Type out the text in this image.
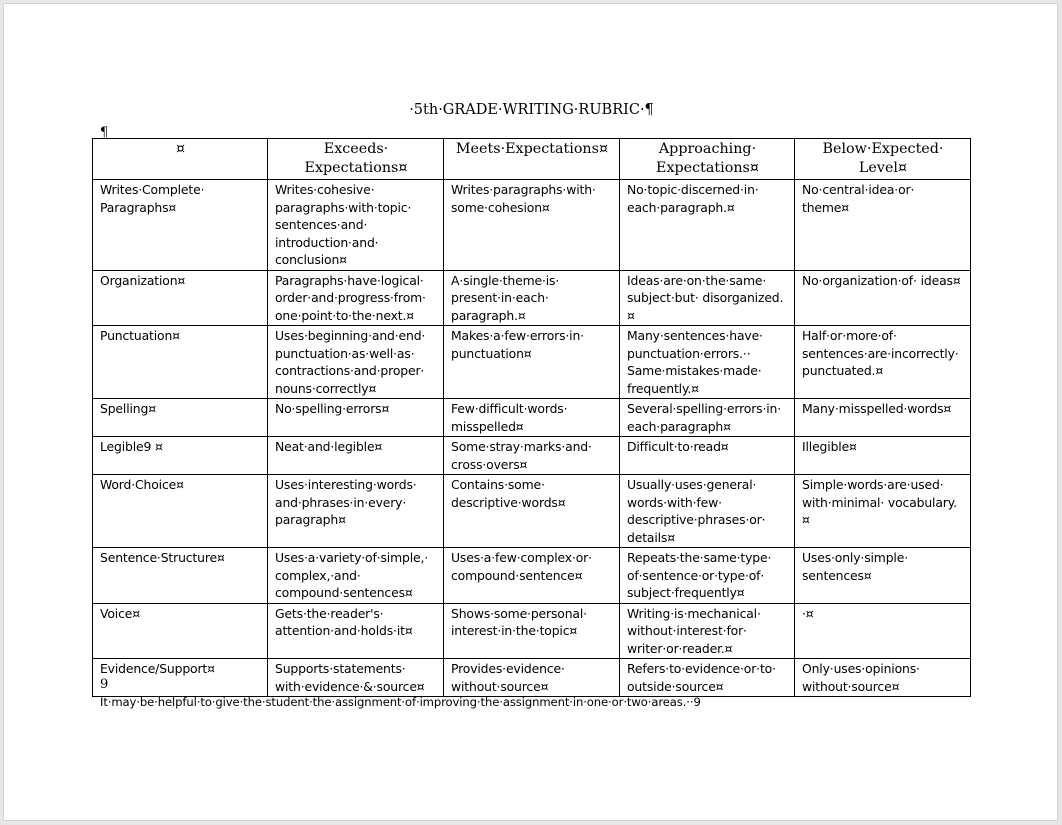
·5th·GRADE·WRITING·RUBRIC·¶
¶
¤	Exceeds· Expectations¤	Meets·Expectations¤	Approaching· Expectations¤	Below·Expected· Level¤
Writes·Complete· Paragraphs¤	Writes·cohesive· paragraphs·with·topic· sentences·and· introduction·and· conclusion¤	Writes·paragraphs·with· some·cohesion¤	No·topic·discerned·in· each·paragraph.¤	No·central·idea·or· theme¤
Organization¤	Paragraphs·have·logical· order·and·progress·from· one·point·to·the·next.¤	A·single·theme·is· present·in·each· paragraph.¤	Ideas·are·on·the·same· subject·but· disorganized.¤	No·organization·of· ideas¤
Punctuation¤	Uses·beginning·and·end· punctuation·as·well·as· contractions·and·proper· nouns·correctly¤	Makes·a·few·errors·in· punctuation¤	Many·sentences·have· punctuation·errors.·· Same·mistakes·made· frequently.¤	Half·or·more·of· sentences·are·incorrectly· punctuated.¤
Spelling¤	No·spelling·errors¤	Few·difficult·words· misspelled¤	Several·spelling·errors·in· each·paragraph¤	Many·misspelled·words¤
Legible9 ¤	Neat·and·legible¤	Some·stray·marks·and· cross·overs¤	Difficult·to·read¤	Illegible¤
Word·Choice¤	Uses·interesting·words· and·phrases·in·every· paragraph¤	Contains·some· descriptive·words¤	Usually·uses·general· words·with·few· descriptive·phrases·or· details¤	Simple·words·are·used· with·minimal· vocabulary.¤
Sentence·Structure¤	Uses·a·variety·of·simple,· complex,·and· compound·sentences¤	Uses·a·few·complex·or· compound·sentence¤	Repeats·the·same·type· of·sentence·or·type·of· subject·frequently¤	Uses·only·simple· sentences¤
Voice¤	Gets·the·reader's· attention·and·holds·it¤	Shows·some·personal· interest·in·the·topic¤	Writing·is·mechanical· without·interest·for· writer·or·reader.¤	·¤
Evidence/Support¤	Supports·statements· with·evidence·&·source¤	Provides·evidence· without·source¤	Refers·to·evidence·or·to· outside·source¤	Only·uses·opinions· without·source¤
9
It·may·be·helpful·to·give·the·student·the·assignment·of·improving·the·assignment·in·one·or·two·areas.··9
